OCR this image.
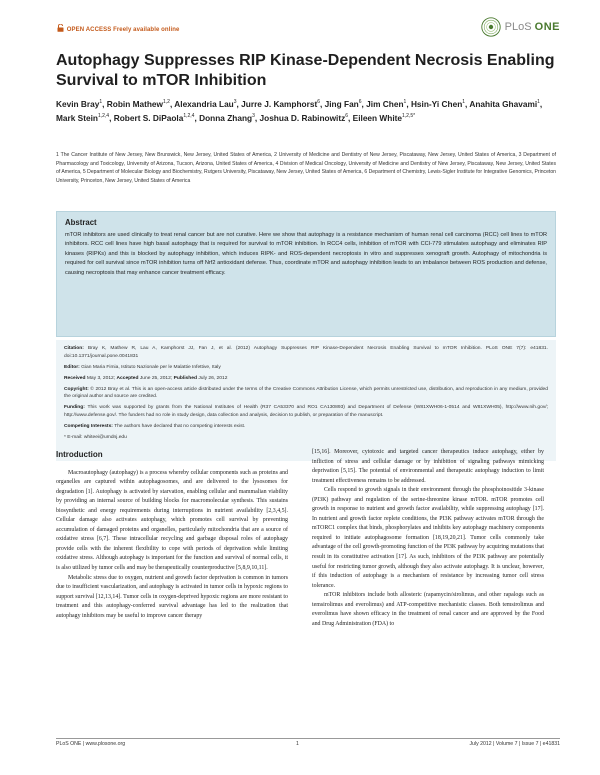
OPEN ACCESS Freely available online	PLoS ONE
Autophagy Suppresses RIP Kinase-Dependent Necrosis Enabling Survival to mTOR Inhibition
Kevin Bray$^1$, Robin Mathew$^{1,2}$, Alexandria Lau$^3$, Jurre J. Kamphorst$^6$, Jing Fan$^6$, Jim Chen$^1$, Hsin-Yi Chen$^1$, Anahita Ghavami$^1$, Mark Stein$^{1,2,4}$, Robert S. DiPaola$^{1,2,4}$, Donna Zhang$^3$, Joshua D. Rabinowitz$^6$, Eileen White$^{1,2,5*}$
1 The Cancer Institute of New Jersey, New Brunswick, New Jersey, United States of America, 2 University of Medicine and Dentistry of New Jersey, Piscataway, New Jersey, United States of America, 3 Department of Pharmacology and Toxicology, University of Arizona, Tucson, Arizona, United States of America, 4 Division of Medical Oncology, University of Medicine and Dentistry of New Jersey, Piscataway, New Jersey, United States of America, 5 Department of Molecular Biology and Biochemistry, Rutgers University, Piscataway, New Jersey, United States of America, 6 Department of Chemistry, Lewis-Sigler Institute for Integrative Genomics, Princeton University, Princeton, New Jersey, United States of America
Abstract

mTOR inhibitors are used clinically to treat renal cancer but are not curative. Here we show that autophagy is a resistance mechanism of human renal cell carcinoma (RCC) cell lines to mTOR inhibitors. RCC cell lines have high basal autophagy that is required for survival to mTOR inhibition. In RCC4 cells, inhibition of mTOR with CCI-779 stimulates autophagy and eliminates RIP kinases (RIPKs) and this is blocked by autophagy inhibition, which induces RIPK- and ROS-dependent necroptosis in vitro and suppresses xenograft growth. Autophagy of mitochondria is required for cell survival since mTOR inhibition turns off Nrf2 antioxidant defense. Thus, coordinate mTOR and autophagy inhibition leads to an imbalance between ROS production and defense, causing necroptosis that may enhance cancer treatment efficacy.

Citation: Bray K, Mathew R, Lau A, Kamphorst JJ, Fan J, et al. (2012) Autophagy Suppresses RIP Kinase-Dependent Necrosis Enabling Survival to mTOR Inhibition. PLoS ONE 7(7): e41831. doi:10.1371/journal.pone.0041831

Editor: Gian Maria Fimia, Istituto Nazionale per le Malattie Infettive, Italy

Received May 3, 2012; Accepted June 25, 2012; Published July 26, 2012

Copyright: © 2012 Bray et al. This is an open-access article distributed under the terms of the Creative Commons Attribution License, which permits unrestricted use, distribution, and reproduction in any medium, provided the original author and source are credited.

Funding: This work was supported by grants from the National Institutes of Health (R37 CA53370 and RO1 CA130893) and Department of Defense (W81XWH06-1-0514 and W81XWH05), http://www.nih.gov/; http://www.defense.gov/. The funders had no role in study design, data collection and analysis, decision to publish, or preparation of the manuscript.

Competing Interests: The authors have declared that no competing interests exist.

* E-mail: whiteei@umdnj.edu

Introduction

Macroautophagy (autophagy) is a process whereby cellular components such as proteins and organelles are captured within autophagosomes, and are delivered to the lysosomes for degradation [1]. Autophagy is activated by starvation, enabling cellular and mammalian viability by providing an internal source of building blocks for macromolecular synthesis. This sustains biosynthetic and energy requirements during interruptions in nutrient availability [2,3,4,5]. Cellular damage also activates autophagy, which promotes cell survival by preventing accumulation of damaged proteins and organelles, particularly mitochondria that are a source of oxidative stress [6,7]. These intracellular recycling and garbage disposal roles of autophagy provide cells with the inherent flexibility to cope with periods of deprivation while limiting oxidative stress. Although autophagy is important for the function and survival of normal cells, it is also utilized by tumor cells and may be therapeutically counterproductive [5,8,9,10,11].

Metabolic stress due to oxygen, nutrient and growth factor deprivation is common in tumors due to insufficient vascularization, and autophagy is activated in tumor cells in hypoxic regions to support survival [12,13,14]. Tumor cells in oxygen-deprived hypoxic regions are more resistant to treatment and this autophagy-conferred survival advantage has led to the realization that autophagy inhibitors may be useful to improve cancer therapy

[15,16]. Moreover, cytotoxic and targeted cancer therapeutics induce autophagy, either by infliction of stress and cellular damage or by inhibition of signaling pathways mimicking deprivation [5,15]. The potential of environmental and therapeutic autophagy induction to limit treatment effectiveness remains to be addressed.

Cells respond to growth signals in their environment through the phosphoinositide 3-kinase (PI3K) pathway and regulation of the serine-threonine kinase mTOR. mTOR promotes cell growth in response to nutrient and growth factor availability, while suppressing autophagy [17]. In nutrient and growth factor replete conditions, the PI3K pathway activates mTOR through the mTORC1 complex that binds, phosphorylates and inhibits key autophagy machinery components required to initiate autophagosome formation [18,19,20,21]. Tumor cells commonly take advantage of the cell growth-promoting function of the PI3K pathway by acquiring mutations that result in its constitutive activation [17]. As such, inhibitors of the PI3K pathway are potentially useful for restricting tumor growth, although they also activate autophagy. It is unclear, however, if this induction of autophagy is a mechanism of resistance by increasing tumor cell stress tolerance.

mTOR inhibitors include both allosteric (rapamycin/sirolimus, and other rapalogs such as temsirolimus and everolimus) and ATP-competitive mechanistic classes. Both temsirolimus and everolimus have shown efficacy in the treatment of renal cancer and are approved by the Food and Drug Administration (FDA) to

PLoS ONE | www.plosone.org	1	July 2012 | Volume 7 | Issue 7 | e41831
